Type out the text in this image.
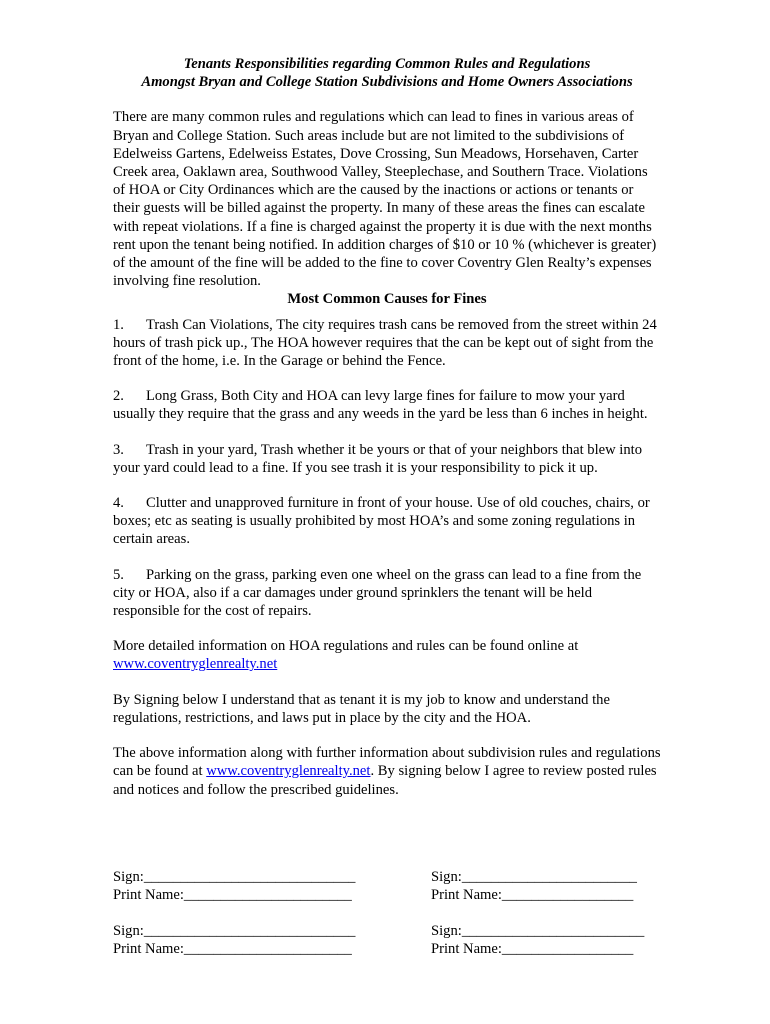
Tenants Responsibilities regarding Common Rules and Regulations
Amongst Bryan and College Station Subdivisions and Home Owners Associations
There are many common rules and regulations which can lead to fines in various areas of Bryan and College Station. Such areas include but are not limited to the subdivisions of Edelweiss Gartens, Edelweiss Estates, Dove Crossing, Sun Meadows, Horsehaven, Carter Creek area, Oaklawn area, Southwood Valley, Steeplechase, and Southern Trace. Violations of HOA or City Ordinances which are the caused by the inactions or actions or tenants or their guests will be billed against the property. In many of these areas the fines can escalate with repeat violations. If a fine is charged against the property it is due with the next months rent upon the tenant being notified. In addition charges of $10 or 10 % (whichever is greater) of the amount of the fine will be added to the fine to cover Coventry Glen Realty’s expenses involving fine resolution.
Most Common Causes for Fines
1. Trash Can Violations, The city requires trash cans be removed from the street within 24 hours of trash pick up., The HOA however requires that the can be kept out of sight from the front of the home, i.e. In the Garage or behind the Fence.
2. Long Grass, Both City and HOA can levy large fines for failure to mow your yard usually they require that the grass and any weeds in the yard be less than 6 inches in height.
3. Trash in your yard, Trash whether it be yours or that of your neighbors that blew into your yard could lead to a fine. If you see trash it is your responsibility to pick it up.
4. Clutter and unapproved furniture in front of your house. Use of old couches, chairs, or boxes; etc as seating is usually prohibited by most HOA’s and some zoning regulations in certain areas.
5. Parking on the grass, parking even one wheel on the grass can lead to a fine from the city or HOA, also if a car damages under ground sprinklers the tenant will be held responsible for the cost of repairs.
More detailed information on HOA regulations and rules can be found online at
www.coventryglenrealty.net
By Signing below I understand that as tenant it is my job to know and understand the regulations, restrictions, and laws put in place by the city and the HOA.
The above information along with further information about subdivision rules and regulations can be found at www.coventryglenrealty.net. By signing below I agree to review posted rules and notices and follow the prescribed guidelines.
Sign:_____________________________
Print Name:_______________________
Sign:________________________
Print Name:__________________
Sign:_____________________________
Print Name:_______________________
Sign:_________________________
Print Name:__________________
